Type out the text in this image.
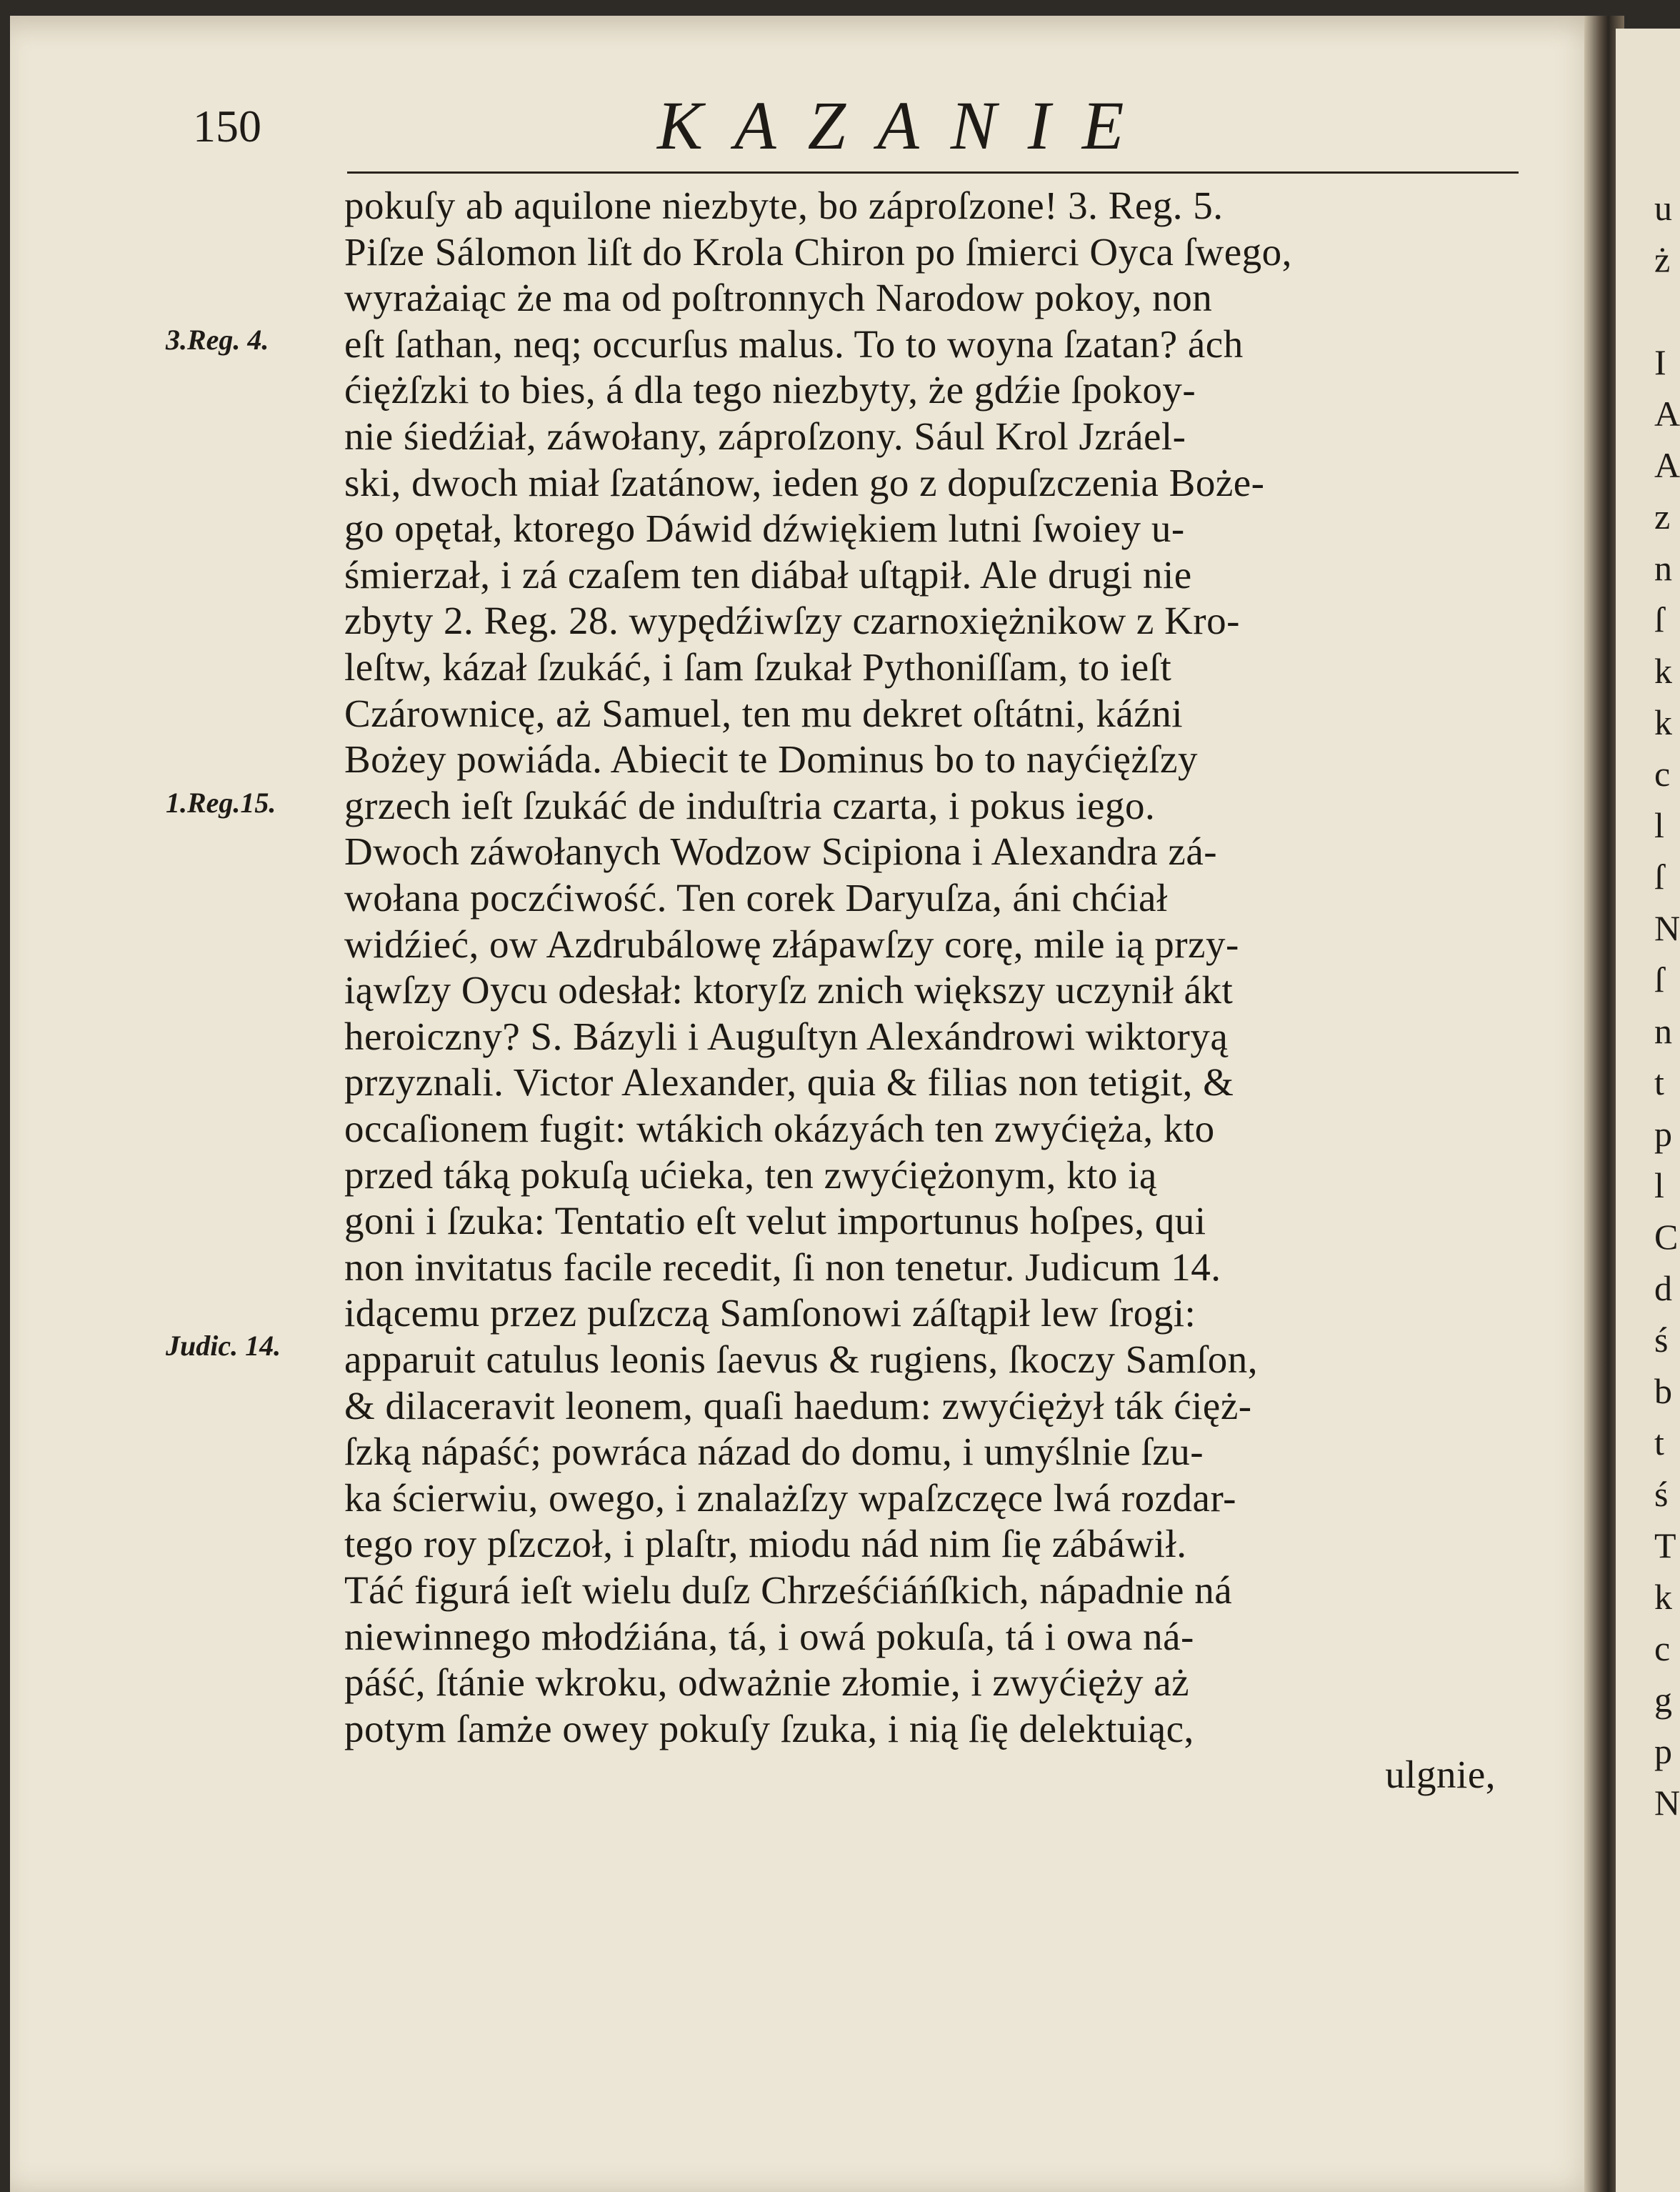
150	KAZANIE
3.Reg. 4.
1.Reg.15.
Judic. 14.
pokuſy ab aquilone niezbyte, bo záproſzone! 3. Reg. 5.
Piſze Sálomon liſt do Krola Chiron po ſmierci Oyca ſwego,
wyrażaiąc że ma od poſtronnych Narodow pokoy, non
eſt ſathan, neq; occurſus malus. To to woyna ſzatan? ách
ćiężſzki to bies, á dla tego niezbyty, że gdźie ſpokoy-
nie śiedźiał, záwołany, záproſzony. Sául Krol Jzráel-
ski, dwoch miał ſzatánow, ieden go z dopuſzczenia Boże-
go opętał, ktorego Dáwid dźwiękiem lutni ſwoiey u-
śmierzał, i zá czaſem ten diábał uſtąpił. Ale drugi nie
zbyty 2. Reg. 28. wypędźiwſzy czarnoxiężnikow z Kro-
leſtw, kázał ſzukáć, i ſam ſzukał Pythoniſſam, to ieſt
Czárownicę, aż Samuel, ten mu dekret oſtátni, káźni
Bożey powiáda. Abiecit te Dominus bo to nayćiężſzy
grzech ieſt ſzukáć de induſtria czarta, i pokus iego.
Dwoch záwołanych Wodzow Scipiona i Alexandra zá-
wołana poczćiwość. Ten corek Daryuſza, áni chćiał
widźieć, ow Azdrubálowę złápawſzy corę, mile ią przy-
iąwſzy Oycu odesłał: ktoryſz znich większy uczynił ákt
heroiczny? S. Bázyli i Auguſtyn Alexándrowi wiktoryą
przyznali. Victor Alexander, quia & filias non tetigit, &
occaſionem fugit: wtákich okázyách ten zwyćięża, kto
przed táką pokuſą ućieka, ten zwyćiężonym, kto ią
goni i ſzuka: Tentatio eſt velut importunus hoſpes, qui
non invitatus facile recedit, ſi non tenetur. Judicum 14.
idącemu przez puſzczą Samſonowi záſtąpił lew ſrogi:
apparuit catulus leonis ſaevus & rugiens, ſkoczy Samſon,
& dilaceravit leonem, quaſi haedum: zwyćiężył ták ćięż-
ſzką nápaść; powráca názad do domu, i umyślnie ſzu-
ka ścierwiu, owego, i znalażſzy wpaſzczęce lwá rozdar-
tego roy pſzczoł, i plaſtr, miodu nád nim ſię zábáwił.
Táć figurá ieſt wielu duſz Chrześćiáńſkich, nápadnie ná
niewinnego młodźiána, tá, i owá pokuſa, tá i owa ná-
páść, ſtánie wkroku, odważnie złomie, i zwyćięży aż
potym ſamże owey pokuſy ſzuka, i nią ſię delektuiąc,
ulgnie,
u
ż
I
A
A
z
n
ſ
k
k
c
l
ſ
N
ſ
n
t
p
l
C
d
ś
b
t
ś
T
k
c
g
p
N
